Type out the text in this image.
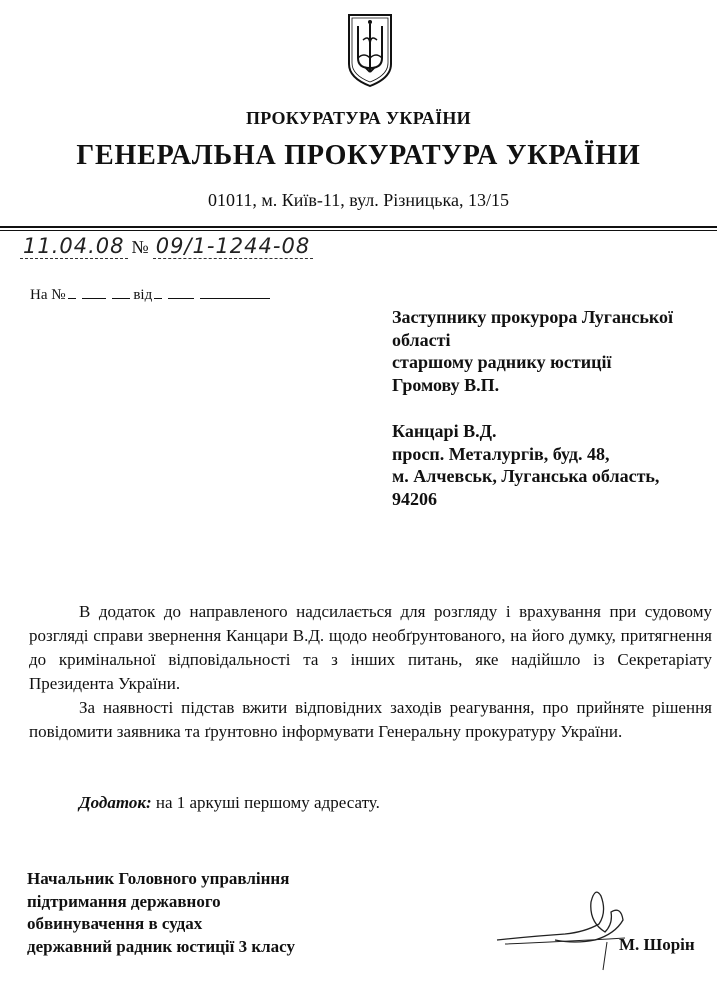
ПРОКУРАТУРА УКРАЇНИ
ГЕНЕРАЛЬНА ПРОКУРАТУРА УКРАЇНИ
01011, м. Київ-11, вул. Різницька, 13/15
11.04.08 № 09/1-1244-08
На №	від
Заступнику прокурора Луганської
області
старшому раднику юстиції
Громову В.П.
Канцарі В.Д.
просп. Металургів, буд. 48,
м. Алчевськ, Луганська область,
94206

В додаток до направленого надсилається для розгляду і врахування при судовому розгляді справи звернення Канцари В.Д. щодо необґрунтованого, на його думку, притягнення до кримінальної відповідальності та з інших питань, яке надійшло із Секретаріату Президента України.

За наявності підстав вжити відповідних заходів реагування, про прийняте рішення повідомити заявника та ґрунтовно інформувати Генеральну прокуратуру України.

Додаток: на 1 аркуші першому адресату.
Начальник Головного управління
підтримання державного
обвинувачення в судах
державний радник юстиції 3 класу	М. Шорін
